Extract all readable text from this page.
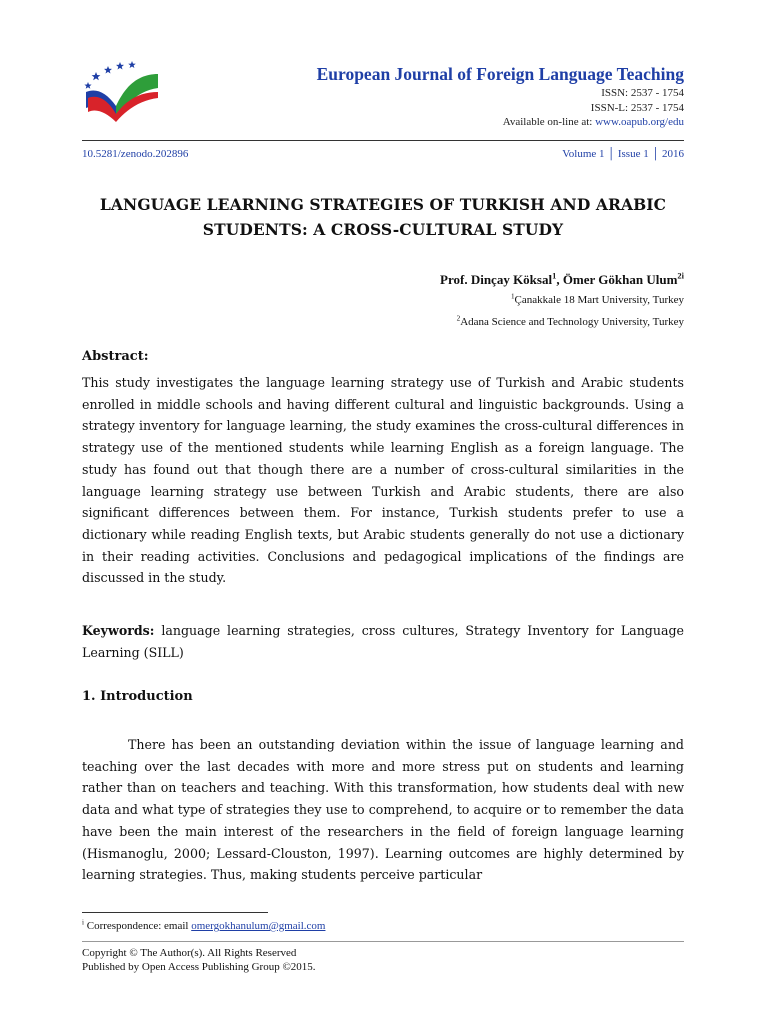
European Journal of Foreign Language Teaching
ISSN: 2537 - 1754
ISSN-L: 2537 - 1754
Available on-line at: www.oapub.org/edu
10.5281/zenodo.202896	Volume 1 │ Issue 1 │ 2016
LANGUAGE LEARNING STRATEGIES OF TURKISH AND ARABIC
STUDENTS: A CROSS-CULTURAL STUDY
Prof. Dinçay Köksal$^1$, Ömer Gökhan Ulum$^{2i}$
$^1$Çanakkale 18 Mart University, Turkey
$^2$Adana Science and Technology University, Turkey
Abstract:
This study investigates the language learning strategy use of Turkish and Arabic students enrolled in middle schools and having different cultural and linguistic backgrounds. Using a strategy inventory for language learning, the study examines the cross-cultural differences in strategy use of the mentioned students while learning English as a foreign language. The study has found out that though there are a number of cross-cultural similarities in the language learning strategy use between Turkish and Arabic students, there are also significant differences between them. For instance, Turkish students prefer to use a dictionary while reading English texts, but Arabic students generally do not use a dictionary in their reading activities. Conclusions and pedagogical implications of the findings are discussed in the study.
Keywords: language learning strategies, cross cultures, Strategy Inventory for Language Learning (SILL)
1. Introduction
There has been an outstanding deviation within the issue of language learning and teaching over the last decades with more and more stress put on students and learning rather than on teachers and teaching. With this transformation, how students deal with new data and what type of strategies they use to comprehend, to acquire or to remember the data have been the main interest of the researchers in the field of foreign language learning (Hismanoglu, 2000; Lessard-Clouston, 1997). Learning outcomes are highly determined by learning strategies. Thus, making students perceive particular
$^i$ Correspondence: email omergokhanulum@gmail.com
Copyright © The Author(s). All Rights Reserved
Published by Open Access Publishing Group ©2015.
